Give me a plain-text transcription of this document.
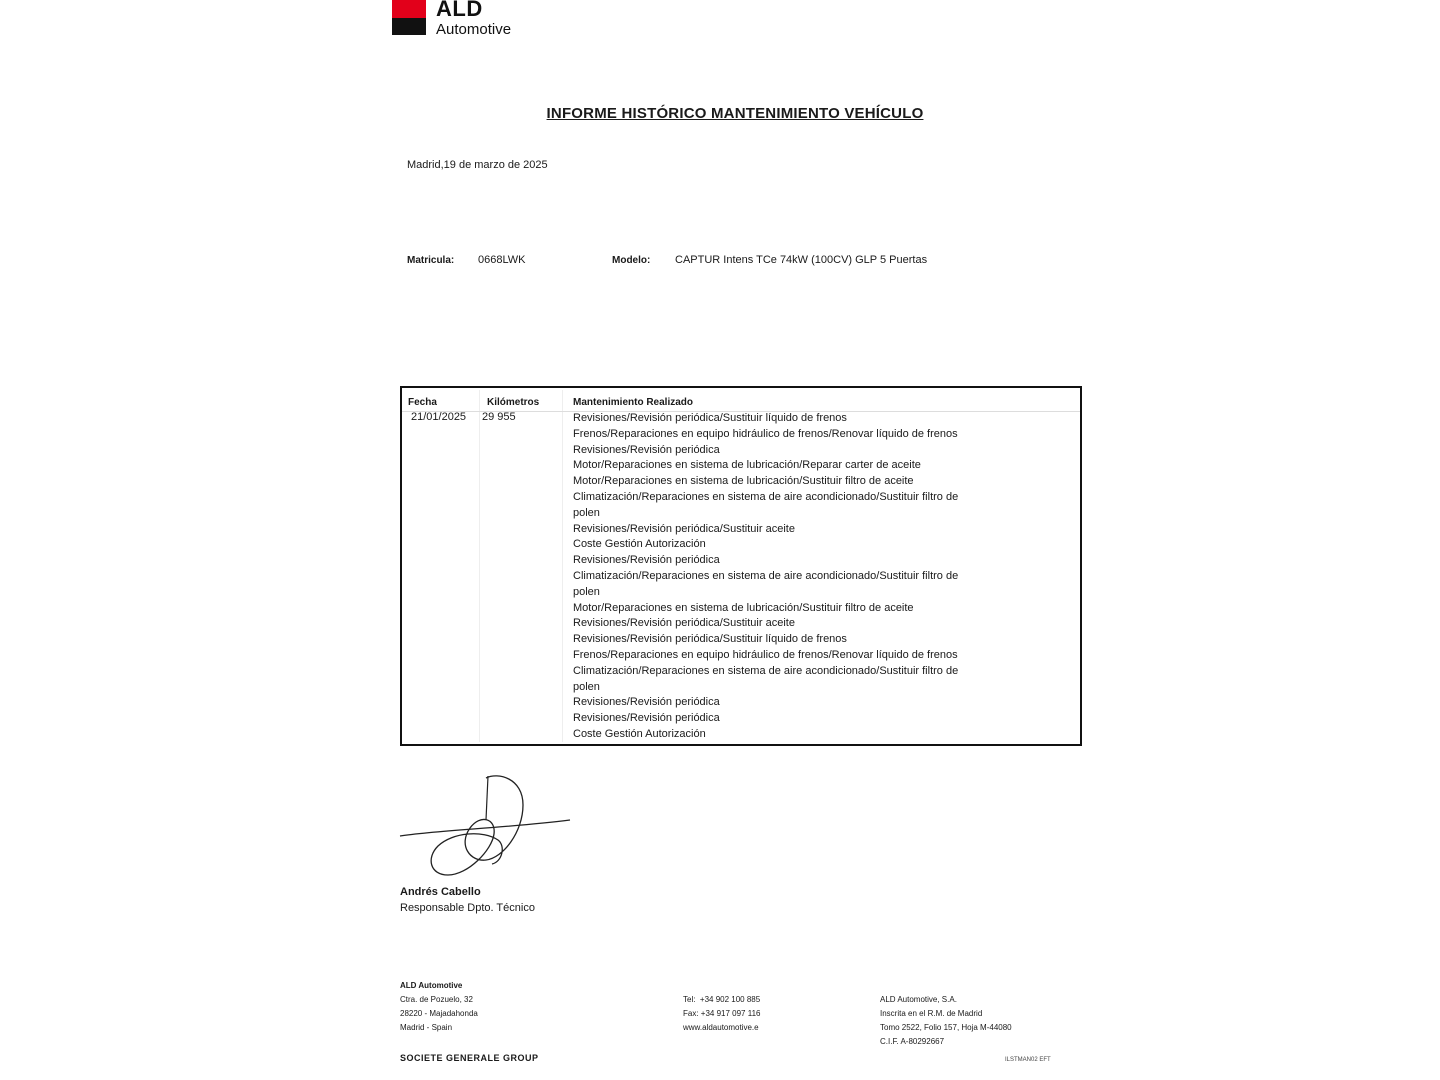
ALD
Automotive
INFORME HISTÓRICO MANTENIMIENTO VEHÍCULO
Madrid,19 de marzo de 2025
Matricula: 0668LWK	Modelo: CAPTUR Intens TCe 74kW (100CV) GLP 5 Puertas
Fecha	Kilómetros	Mantenimiento Realizado
21/01/2025 29 955	Revisiones/Revisión periódica/Sustituir líquido de frenos
Frenos/Reparaciones en equipo hidráulico de frenos/Renovar líquido de frenos
Revisiones/Revisión periódica
Motor/Reparaciones en sistema de lubricación/Reparar carter de aceite
Motor/Reparaciones en sistema de lubricación/Sustituir filtro de aceite
Climatización/Reparaciones en sistema de aire acondicionado/Sustituir filtro de
polen
Revisiones/Revisión periódica/Sustituir aceite
Coste Gestión Autorización
Revisiones/Revisión periódica
Climatización/Reparaciones en sistema de aire acondicionado/Sustituir filtro de
polen
Motor/Reparaciones en sistema de lubricación/Sustituir filtro de aceite
Revisiones/Revisión periódica/Sustituir aceite
Revisiones/Revisión periódica/Sustituir líquido de frenos
Frenos/Reparaciones en equipo hidráulico de frenos/Renovar líquido de frenos
Climatización/Reparaciones en sistema de aire acondicionado/Sustituir filtro de
polen
Revisiones/Revisión periódica
Revisiones/Revisión periódica
Coste Gestión Autorización
Andrés Cabello
Responsable Dpto. Técnico
ALD Automotive
Ctra. de Pozuelo, 32
28220 - Majadahonda
Madrid - Spain
Tel:  +34 902 100 885
Fax: +34 917 097 116
www.aldautomotive.e
ALD Automotive, S.A.
Inscrita en el R.M. de Madrid
Tomo 2522, Folio 157, Hoja M-44080
C.I.F. A-80292667
SOCIETE GENERALE GROUP	ILSTMAN02 EFT
